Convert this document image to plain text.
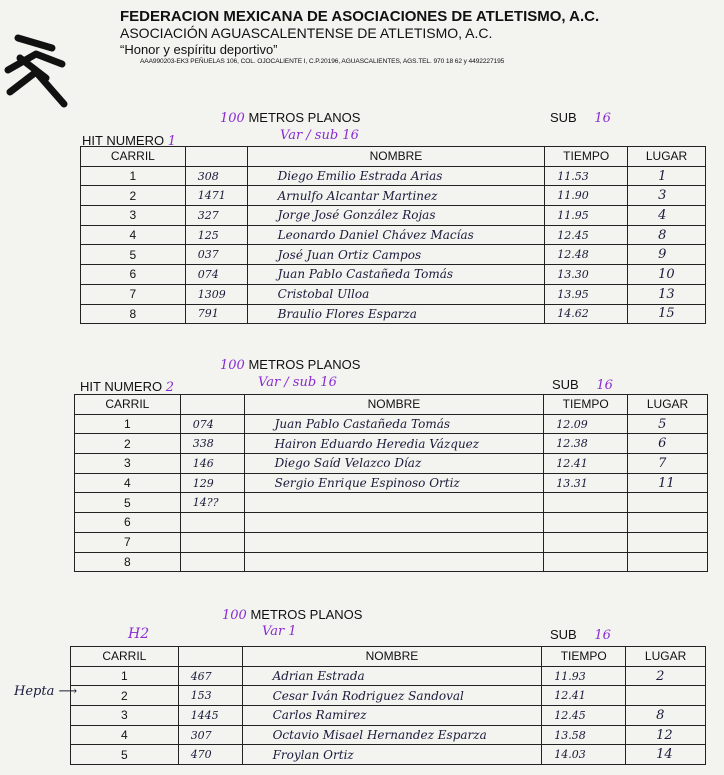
FEDERACION MEXICANA DE ASOCIACIONES DE ATLETISMO, A.C.
ASOCIACIÓN AGUASCALENTENSE DE ATLETISMO, A.C.
“Honor y espíritu deportivo”
AAA990203-EK3 PEÑUELAS 106, COL. OJOCALIENTE I, C.P.20196, AGUASCALIENTES, AGS.TEL. 970 18 62 y 4492227195
100 METROS PLANOS	SUB 16
HIT NUMERO 1	Var / sub 16
CARRIL		NOMBRE	TIEMPO	LUGAR
1	308	Diego Emilio Estrada Arias	11.53	1
2	1471	Arnulfo Alcantar Martinez	11.90	3
3	327	Jorge José González Rojas	11.95	4
4	125	Leonardo Daniel Chávez Macías	12.45	8
5	037	José Juan Ortiz Campos	12.48	9
6	074	Juan Pablo Castañeda Tomás	13.30	10
7	1309	Cristobal Ulloa	13.95	13
8	791	Braulio Flores Esparza	14.62	15
100 METROS PLANOS
SUB 16
HIT NUMERO 2	Var / sub 16
CARRIL		NOMBRE	TIEMPO	LUGAR
1	074	Juan Pablo Castañeda Tomás	12.09	5
2	338	Hairon Eduardo Heredia Vázquez	12.38	6
3	146	Diego Saíd Velazco Díaz	12.41	7
4	129	Sergio Enrique Espinoso Ortiz	13.31	11
5	14??			
6				
7				
8				
100 METROS PLANOS
H2	Var 1	SUB 16
Hepta ⟶
CARRIL		NOMBRE	TIEMPO	LUGAR
1	467	Adrian Estrada	11.93	2
2	153	Cesar Iván Rodriguez Sandoval	12.41	
3	1445	Carlos Ramirez	12.45	8
4	307	Octavio Misael Hernandez Esparza	13.58	12
5	470	Froylan Ortiz	14.03	14
